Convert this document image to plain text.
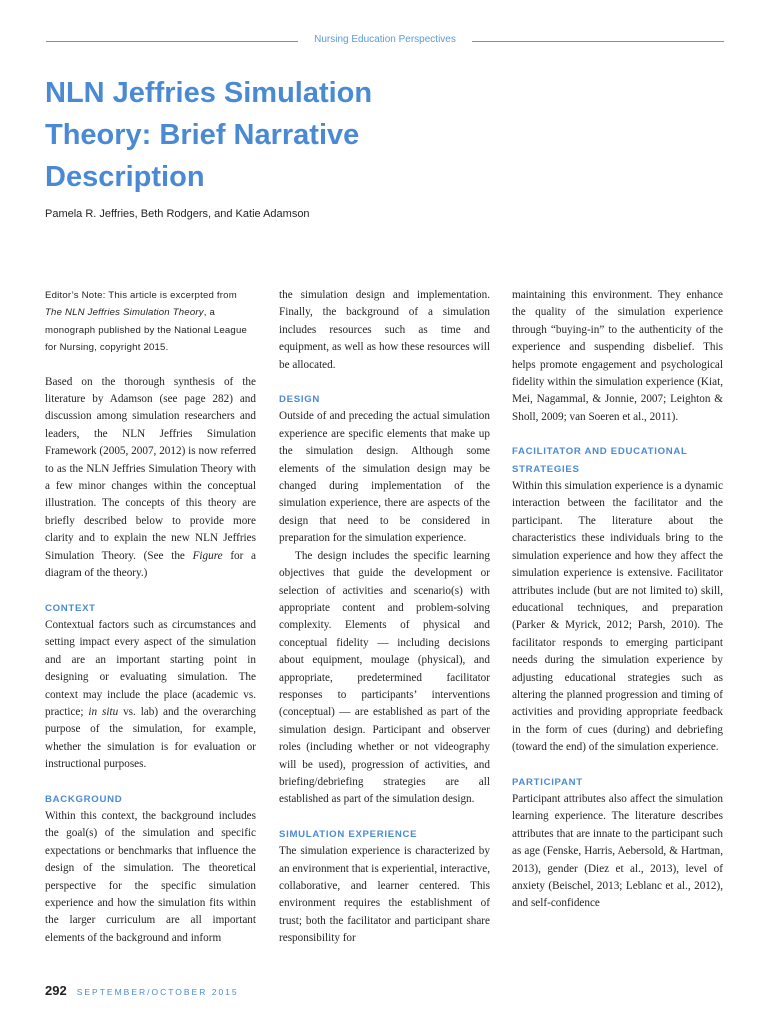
Nursing Education Perspectives
NLN Jeffries Simulation
Theory: Brief Narrative
Description
Pamela R. Jeffries, Beth Rodgers, and Katie Adamson

Editor’s Note: This article is excerpted from The NLN Jeffries Simulation Theory, a monograph published by the National League for Nursing, copyright 2015.

Based on the thorough synthesis of the literature by Adamson (see page 282) and discussion among simulation researchers and leaders, the NLN Jeffries Simulation Framework (2005, 2007, 2012) is now referred to as the NLN Jeffries Simulation Theory with a few minor changes within the conceptual illustration. The concepts of this theory are briefly described below to provide more clarity and to explain the new NLN Jeffries Simulation Theory. (See the Figure for a diagram of the theory.)

CONTEXT

Contextual factors such as circumstances and setting impact every aspect of the simulation and are an important starting point in designing or evaluating simulation. The context may include the place (academic vs. practice; in situ vs. lab) and the overarching purpose of the simulation, for example, whether the simulation is for evaluation or instructional purposes.

BACKGROUND

Within this context, the background includes the goal(s) of the simulation and specific expectations or benchmarks that influence the design of the simulation. The theoretical perspective for the specific simulation experience and how the simulation fits within the larger curriculum are all important elements of the background and inform

the simulation design and implementation. Finally, the background of a simulation includes resources such as time and equipment, as well as how these resources will be allocated.

DESIGN

Outside of and preceding the actual simulation experience are specific elements that make up the simulation design. Although some elements of the simulation design may be changed during implementation of the simulation experience, there are aspects of the design that need to be considered in preparation for the simulation experience.

The design includes the specific learning objectives that guide the development or selection of activities and scenario(s) with appropriate content and problem-solving complexity. Elements of physical and conceptual fidelity — including decisions about equipment, moulage (physical), and appropriate, predetermined facilitator responses to participants’ interventions (conceptual) — are established as part of the simulation design. Participant and observer roles (including whether or not videography will be used), progression of activities, and briefing/debriefing strategies are all established as part of the simulation design.

SIMULATION EXPERIENCE

The simulation experience is characterized by an environment that is experiential, interactive, collaborative, and learner centered. This environment requires the establishment of trust; both the facilitator and participant share responsibility for

maintaining this environment. They enhance the quality of the simulation experience through “buying-in” to the authenticity of the experience and suspending disbelief. This helps promote engagement and psychological fidelity within the simulation experience (Kiat, Mei, Nagammal, & Jonnie, 2007; Leighton & Sholl, 2009; van Soeren et al., 2011).

FACILITATOR AND EDUCATIONAL
STRATEGIES

Within this simulation experience is a dynamic interaction between the facilitator and the participant. The literature about the characteristics these individuals bring to the simulation experience and how they affect the simulation experience is extensive. Facilitator attributes include (but are not limited to) skill, educational techniques, and preparation (Parker & Myrick, 2012; Parsh, 2010). The facilitator responds to emerging participant needs during the simulation experience by adjusting educational strategies such as altering the planned progression and timing of activities and providing appropriate feedback in the form of cues (during) and debriefing (toward the end) of the simulation experience.

PARTICIPANT

Participant attributes also affect the simulation learning experience. The literature describes attributes that are innate to the participant such as age (Fenske, Harris, Aebersold, & Hartman, 2013), gender (Diez et al., 2013), level of anxiety (Beischel, 2013; Leblanc et al., 2012), and self-confidence

292 SEPTEMBER/OCTOBER 2015
